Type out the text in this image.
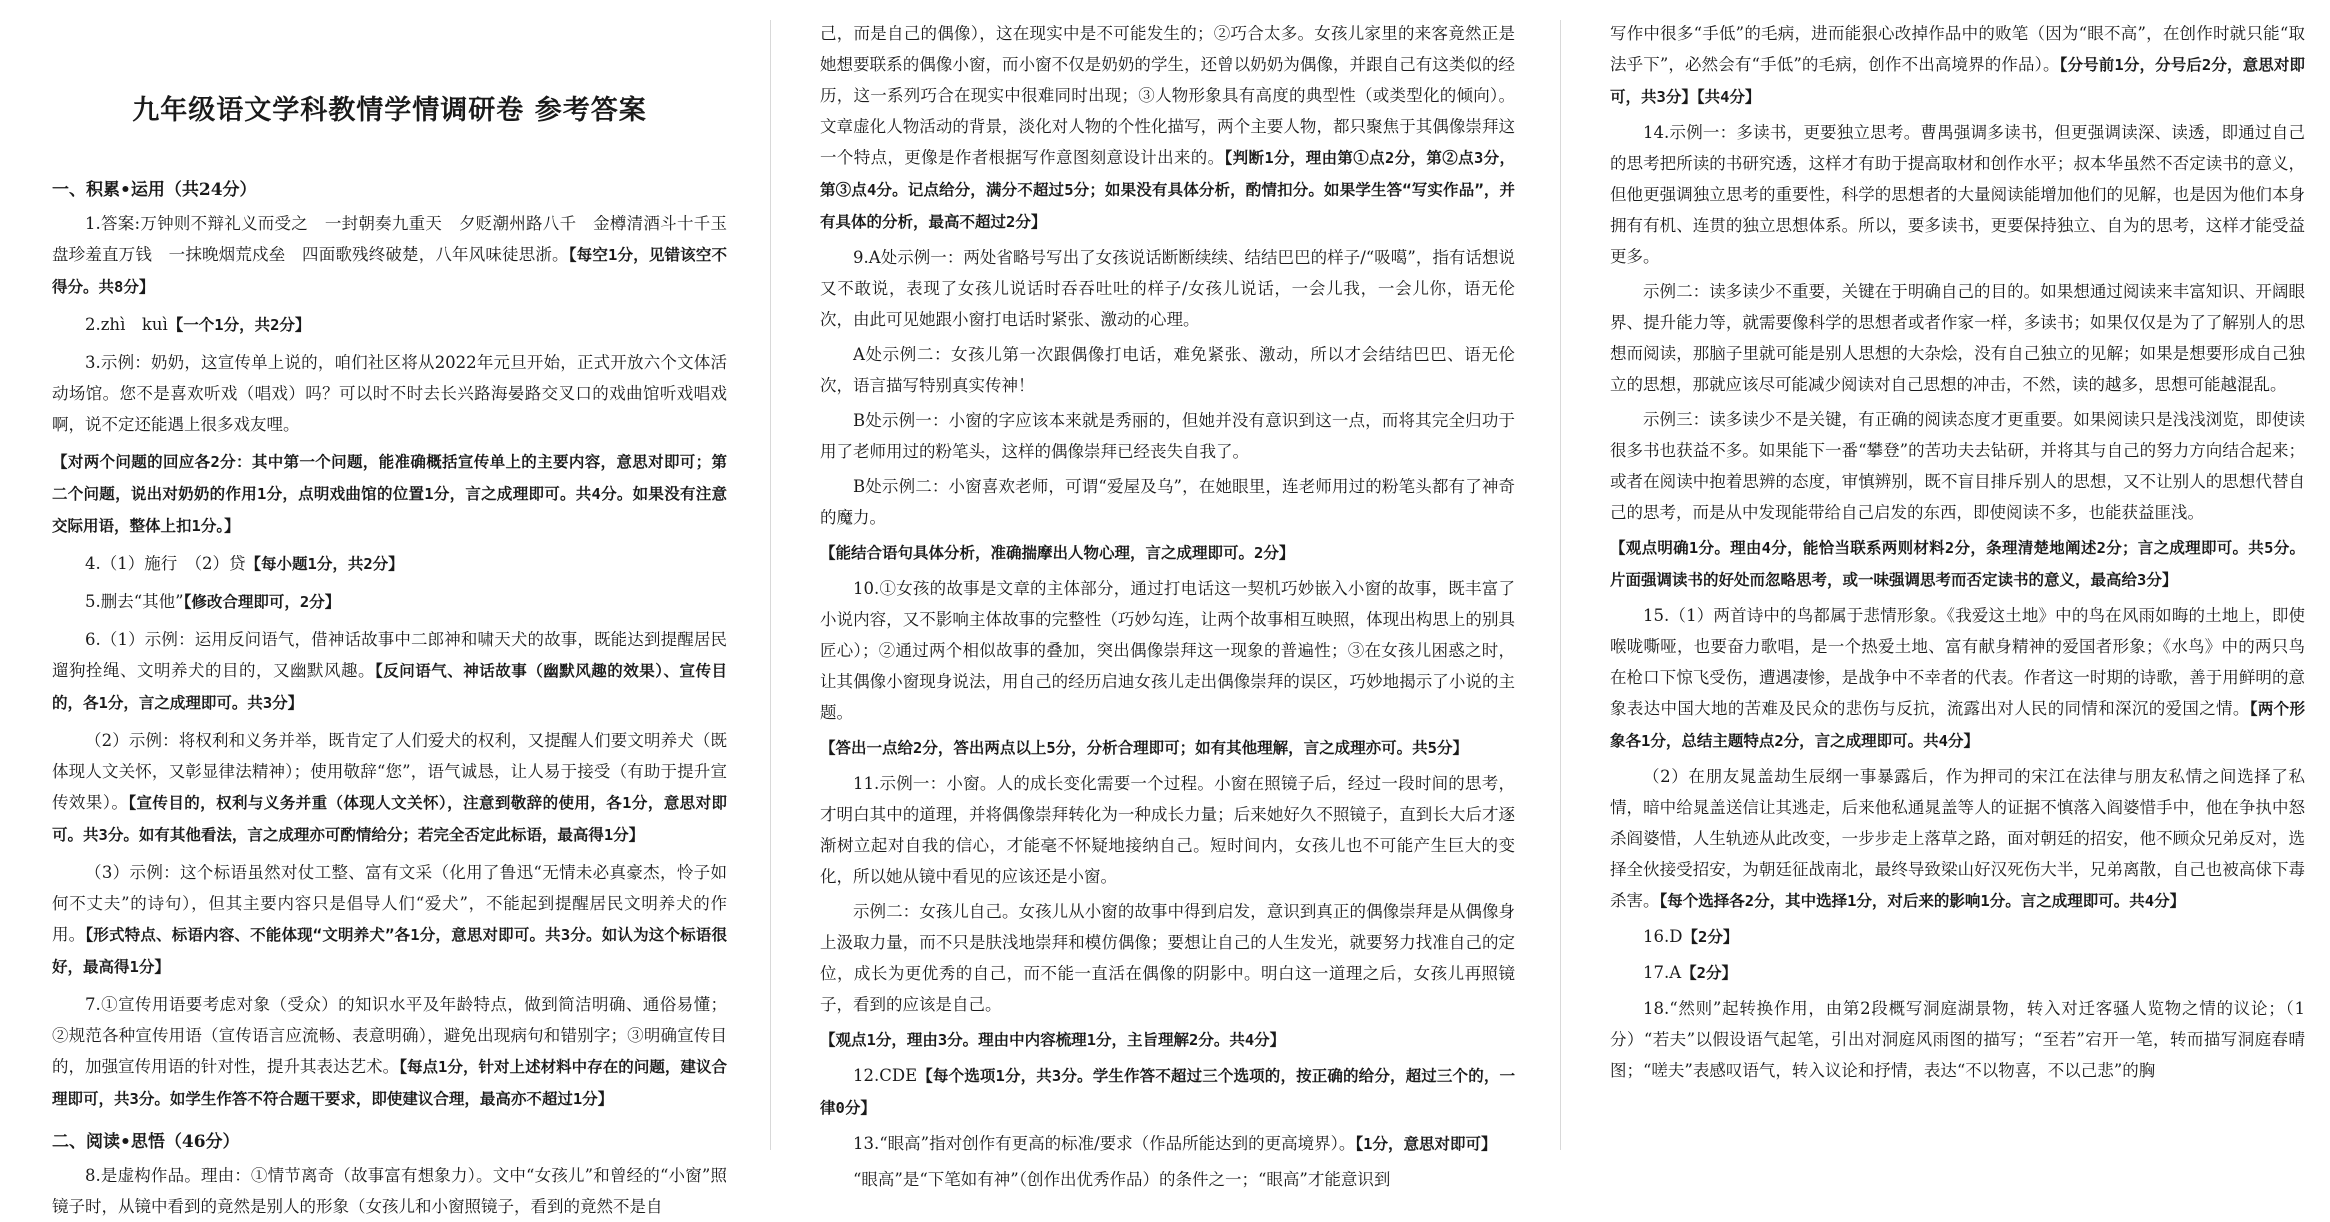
九年级语文学科教情学情调研卷 参考答案
一、积累•运用（共24分）

1.答案:万钟则不辩礼义而受之　一封朝奏九重天　夕贬潮州路八千　金樽清酒斗十千玉盘珍羞直万钱　一抹晚烟荒戍垒　四面歌残终破楚，八年风味徒思浙。【每空1分，见错该空不得分。共8分】

2.zhì　kuì【一个1分，共2分】

3.示例：奶奶，这宣传单上说的，咱们社区将从2022年元旦开始，正式开放六个文体活动场馆。您不是喜欢听戏（唱戏）吗？可以时不时去长兴路海晏路交叉口的戏曲馆听戏唱戏啊，说不定还能遇上很多戏友哩。

【对两个问题的回应各2分：其中第一个问题，能准确概括宣传单上的主要内容，意思对即可；第二个问题，说出对奶奶的作用1分，点明戏曲馆的位置1分，言之成理即可。共4分。如果没有注意交际用语，整体上扣1分。】

4.（1）施行　（2）贷【每小题1分，共2分】

5.删去“其他”【修改合理即可，2分】

6.（1）示例：运用反问语气，借神话故事中二郎神和啸天犬的故事，既能达到提醒居民遛狗拴绳、文明养犬的目的，又幽默风趣。【反问语气、神话故事（幽默风趣的效果）、宣传目的，各1分，言之成理即可。共3分】

（2）示例：将权利和义务并举，既肯定了人们爱犬的权利，又提醒人们要文明养犬（既体现人文关怀，又彰显律法精神）；使用敬辞“您”，语气诚恳，让人易于接受（有助于提升宣传效果）。【宣传目的，权利与义务并重（体现人文关怀），注意到敬辞的使用，各1分，意思对即可。共3分。如有其他看法，言之成理亦可酌情给分；若完全否定此标语，最高得1分】

（3）示例：这个标语虽然对仗工整、富有文采（化用了鲁迅“无情未必真豪杰，怜子如何不丈夫”的诗句），但其主要内容只是倡导人们“爱犬”，不能起到提醒居民文明养犬的作用。【形式特点、标语内容、不能体现“文明养犬”各1分，意思对即可。共3分。如认为这个标语很好，最高得1分】

7.①宣传用语要考虑对象（受众）的知识水平及年龄特点，做到简洁明确、通俗易懂；②规范各种宣传用语（宣传语言应流畅、表意明确），避免出现病句和错别字；③明确宣传目的，加强宣传用语的针对性，提升其表达艺术。【每点1分，针对上述材料中存在的问题，建议合理即可，共3分。如学生作答不符合题干要求，即使建议合理，最高亦不超过1分】

二、阅读•思悟（46分）

8.是虚构作品。理由：①情节离奇（故事富有想象力）。文中“女孩儿”和曾经的“小窗”照镜子时，从镜中看到的竟然是别人的形象（女孩儿和小窗照镜子，看到的竟然不是自

己，而是自己的偶像），这在现实中是不可能发生的；②巧合太多。女孩儿家里的来客竟然正是她想要联系的偶像小窗，而小窗不仅是奶奶的学生，还曾以奶奶为偶像，并跟自己有这类似的经历，这一系列巧合在现实中很难同时出现；③人物形象具有高度的典型性（或类型化的倾向）。文章虚化人物活动的背景，淡化对人物的个性化描写，两个主要人物，都只聚焦于其偶像崇拜这一个特点，更像是作者根据写作意图刻意设计出来的。【判断1分，理由第①点2分，第②点3分，第③点4分。记点给分，满分不超过5分；如果没有具体分析，酌情扣分。如果学生答“写实作品”，并有具体的分析，最高不超过2分】

9.A处示例一：两处省略号写出了女孩说话断断续续、结结巴巴的样子/“吸噶”，指有话想说又不敢说，表现了女孩儿说话时吞吞吐吐的样子/女孩儿说话，一会儿我，一会儿你，语无伦次，由此可见她跟小窗打电话时紧张、激动的心理。

A处示例二：女孩儿第一次跟偶像打电话，难免紧张、激动，所以才会结结巴巴、语无伦次，语言描写特别真实传神！

B处示例一：小窗的字应该本来就是秀丽的，但她并没有意识到这一点，而将其完全归功于用了老师用过的粉笔头，这样的偶像崇拜已经丧失自我了。

B处示例二：小窗喜欢老师，可谓“爱屋及乌”，在她眼里，连老师用过的粉笔头都有了神奇的魔力。

【能结合语句具体分析，准确揣摩出人物心理，言之成理即可。2分】

10.①女孩的故事是文章的主体部分，通过打电话这一契机巧妙嵌入小窗的故事，既丰富了小说内容，又不影响主体故事的完整性（巧妙勾连，让两个故事相互映照，体现出构思上的别具匠心）；②通过两个相似故事的叠加，突出偶像崇拜这一现象的普遍性；③在女孩儿困惑之时，让其偶像小窗现身说法，用自己的经历启迪女孩儿走出偶像崇拜的误区，巧妙地揭示了小说的主题。

【答出一点给2分，答出两点以上5分，分析合理即可；如有其他理解，言之成理亦可。共5分】

11.示例一：小窗。人的成长变化需要一个过程。小窗在照镜子后，经过一段时间的思考，才明白其中的道理，并将偶像崇拜转化为一种成长力量；后来她好久不照镜子，直到长大后才逐渐树立起对自我的信心，才能毫不怀疑地接纳自己。短时间内，女孩儿也不可能产生巨大的变化，所以她从镜中看见的应该还是小窗。

示例二：女孩儿自己。女孩儿从小窗的故事中得到启发，意识到真正的偶像崇拜是从偶像身上汲取力量，而不只是肤浅地崇拜和模仿偶像；要想让自己的人生发光，就要努力找准自己的定位，成长为更优秀的自己，而不能一直活在偶像的阴影中。明白这一道理之后，女孩儿再照镜子，看到的应该是自己。

【观点1分，理由3分。理由中内容梳理1分，主旨理解2分。共4分】

12.CDE【每个选项1分，共3分。学生作答不超过三个选项的，按正确的给分，超过三个的，一律0分】

13.“眼高”指对创作有更高的标准/要求（作品所能达到的更高境界）。【1分，意思对即可】

“眼高”是“下笔如有神”（创作出优秀作品）的条件之一；“眼高”才能意识到

写作中很多“手低”的毛病，进而能狠心改掉作品中的败笔（因为“眼不高”，在创作时就只能“取法乎下”，必然会有“手低”的毛病，创作不出高境界的作品）。【分号前1分，分号后2分，意思对即可，共3分】【共4分】

14.示例一：多读书，更要独立思考。曹禺强调多读书，但更强调读深、读透，即通过自己的思考把所读的书研究透，这样才有助于提高取材和创作水平；叔本华虽然不否定读书的意义，但他更强调独立思考的重要性，科学的思想者的大量阅读能增加他们的见解，也是因为他们本身拥有有机、连贯的独立思想体系。所以，要多读书，更要保持独立、自为的思考，这样才能受益更多。

示例二：读多读少不重要，关键在于明确自己的目的。如果想通过阅读来丰富知识、开阔眼界、提升能力等，就需要像科学的思想者或者作家一样，多读书；如果仅仅是为了了解别人的思想而阅读，那脑子里就可能是别人思想的大杂烩，没有自己独立的见解；如果是想要形成自己独立的思想，那就应该尽可能减少阅读对自己思想的冲击，不然，读的越多，思想可能越混乱。

示例三：读多读少不是关键，有正确的阅读态度才更重要。如果阅读只是浅浅浏览，即使读很多书也获益不多。如果能下一番“攀登”的苦功夫去钻研，并将其与自己的努力方向结合起来；或者在阅读中抱着思辨的态度，审慎辨别，既不盲目排斥别人的思想，又不让别人的思想代替自己的思考，而是从中发现能带给自己启发的东西，即使阅读不多，也能获益匪浅。

【观点明确1分。理由4分，能恰当联系两则材料2分，条理清楚地阐述2分；言之成理即可。共5分。片面强调读书的好处而忽略思考，或一味强调思考而否定读书的意义，最高给3分】

15.（1）两首诗中的鸟都属于悲情形象。《我爱这土地》中的鸟在风雨如晦的土地上，即使喉咙嘶哑，也要奋力歌唱，是一个热爱土地、富有献身精神的爱国者形象；《水鸟》中的两只鸟在枪口下惊飞受伤，遭遇凄惨，是战争中不幸者的代表。作者这一时期的诗歌，善于用鲜明的意象表达中国大地的苦难及民众的悲伤与反抗，流露出对人民的同情和深沉的爱国之情。【两个形象各1分，总结主题特点2分，言之成理即可。共4分】

（2）在朋友晁盖劫生辰纲一事暴露后，作为押司的宋江在法律与朋友私情之间选择了私情，暗中给晁盖送信让其逃走，后来他私通晁盖等人的证据不慎落入阎婆惜手中，他在争执中怒杀阎婆惜，人生轨迹从此改变，一步步走上落草之路，面对朝廷的招安，他不顾众兄弟反对，选择全伙接受招安，为朝廷征战南北，最终导致梁山好汉死伤大半，兄弟离散，自己也被高俅下毒杀害。【每个选择各2分，其中选择1分，对后来的影响1分。言之成理即可。共4分】

16.D【2分】

17.A【2分】

18.“然则”起转换作用，由第2段概写洞庭湖景物，转入对迁客骚人览物之情的议论；（1分）“若夫”以假设语气起笔，引出对洞庭风雨图的描写；“至若”宕开一笔，转而描写洞庭春晴图；“嗟夫”表感叹语气，转入议论和抒情，表达“不以物喜，不以己悲”的胸
